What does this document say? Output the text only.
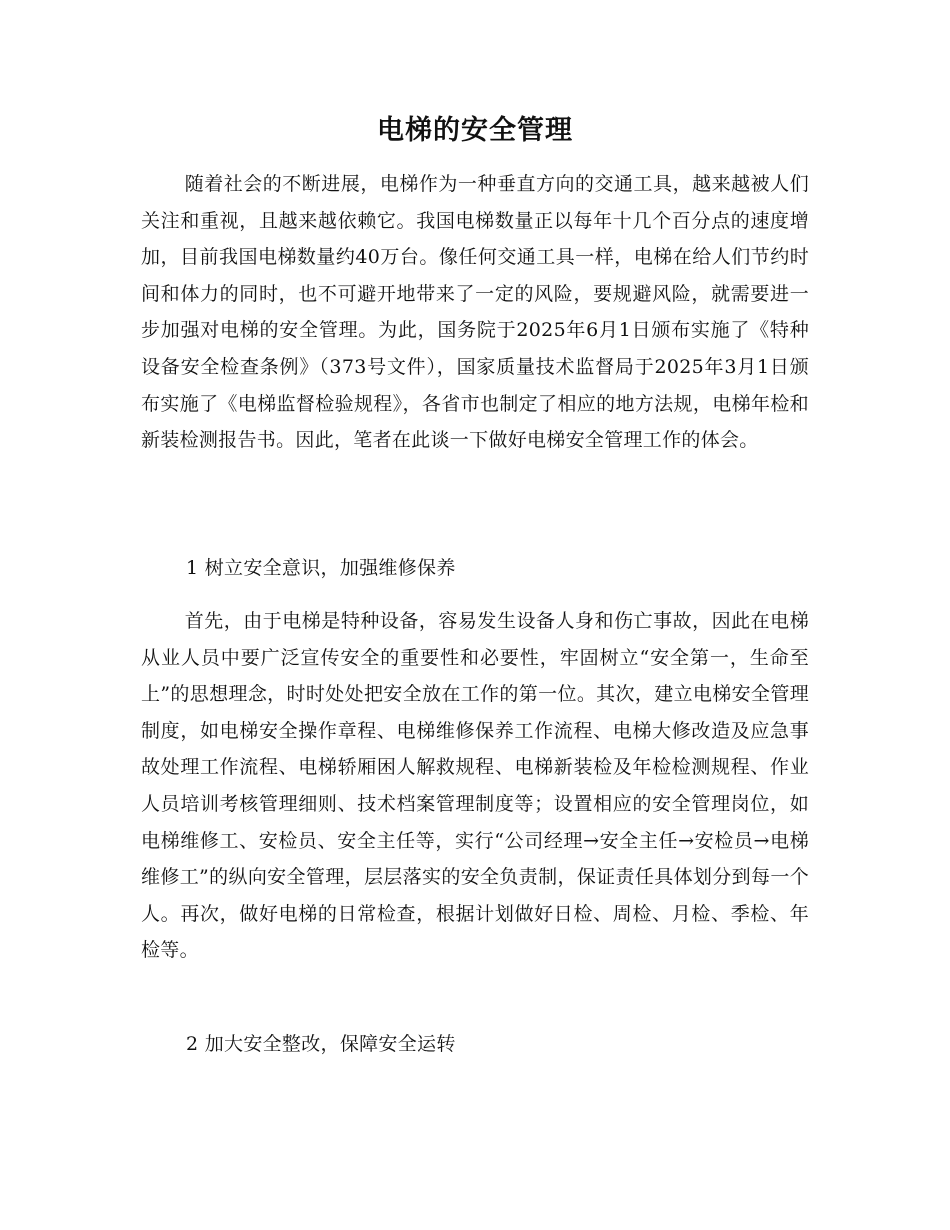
电梯的安全管理

随着社会的不断进展，电梯作为一种垂直方向的交通工具，越来越被人们关注和重视，且越来越依赖它。我国电梯数量正以每年十几个百分点的速度增加，目前我国电梯数量约40万台。像任何交通工具一样，电梯在给人们节约时间和体力的同时，也不可避开地带来了一定的风险，要规避风险，就需要进一步加强对电梯的安全管理。为此，国务院于2025年6月1日颁布实施了《特种设备安全检查条例》（373号文件），国家质量技术监督局于2025年3月1日颁布实施了《电梯监督检验规程》，各省市也制定了相应的地方法规，电梯年检和新装检测报告书。因此，笔者在此谈一下做好电梯安全管理工作的体会。

1 树立安全意识，加强维修保养

首先，由于电梯是特种设备，容易发生设备人身和伤亡事故，因此在电梯从业人员中要广泛宣传安全的重要性和必要性，牢固树立“安全第一，生命至上”的思想理念，时时处处把安全放在工作的第一位。其次，建立电梯安全管理制度，如电梯安全操作章程、电梯维修保养工作流程、电梯大修改造及应急事故处理工作流程、电梯轿厢困人解救规程、电梯新装检及年检检测规程、作业人员培训考核管理细则、技术档案管理制度等；设置相应的安全管理岗位，如电梯维修工、安检员、安全主任等，实行“公司经理→安全主任→安检员→电梯维修工”的纵向安全管理，层层落实的安全负责制，保证责任具体划分到每一个人。再次，做好电梯的日常检查，根据计划做好日检、周检、月检、季检、年检等。

2 加大安全整改，保障安全运转
